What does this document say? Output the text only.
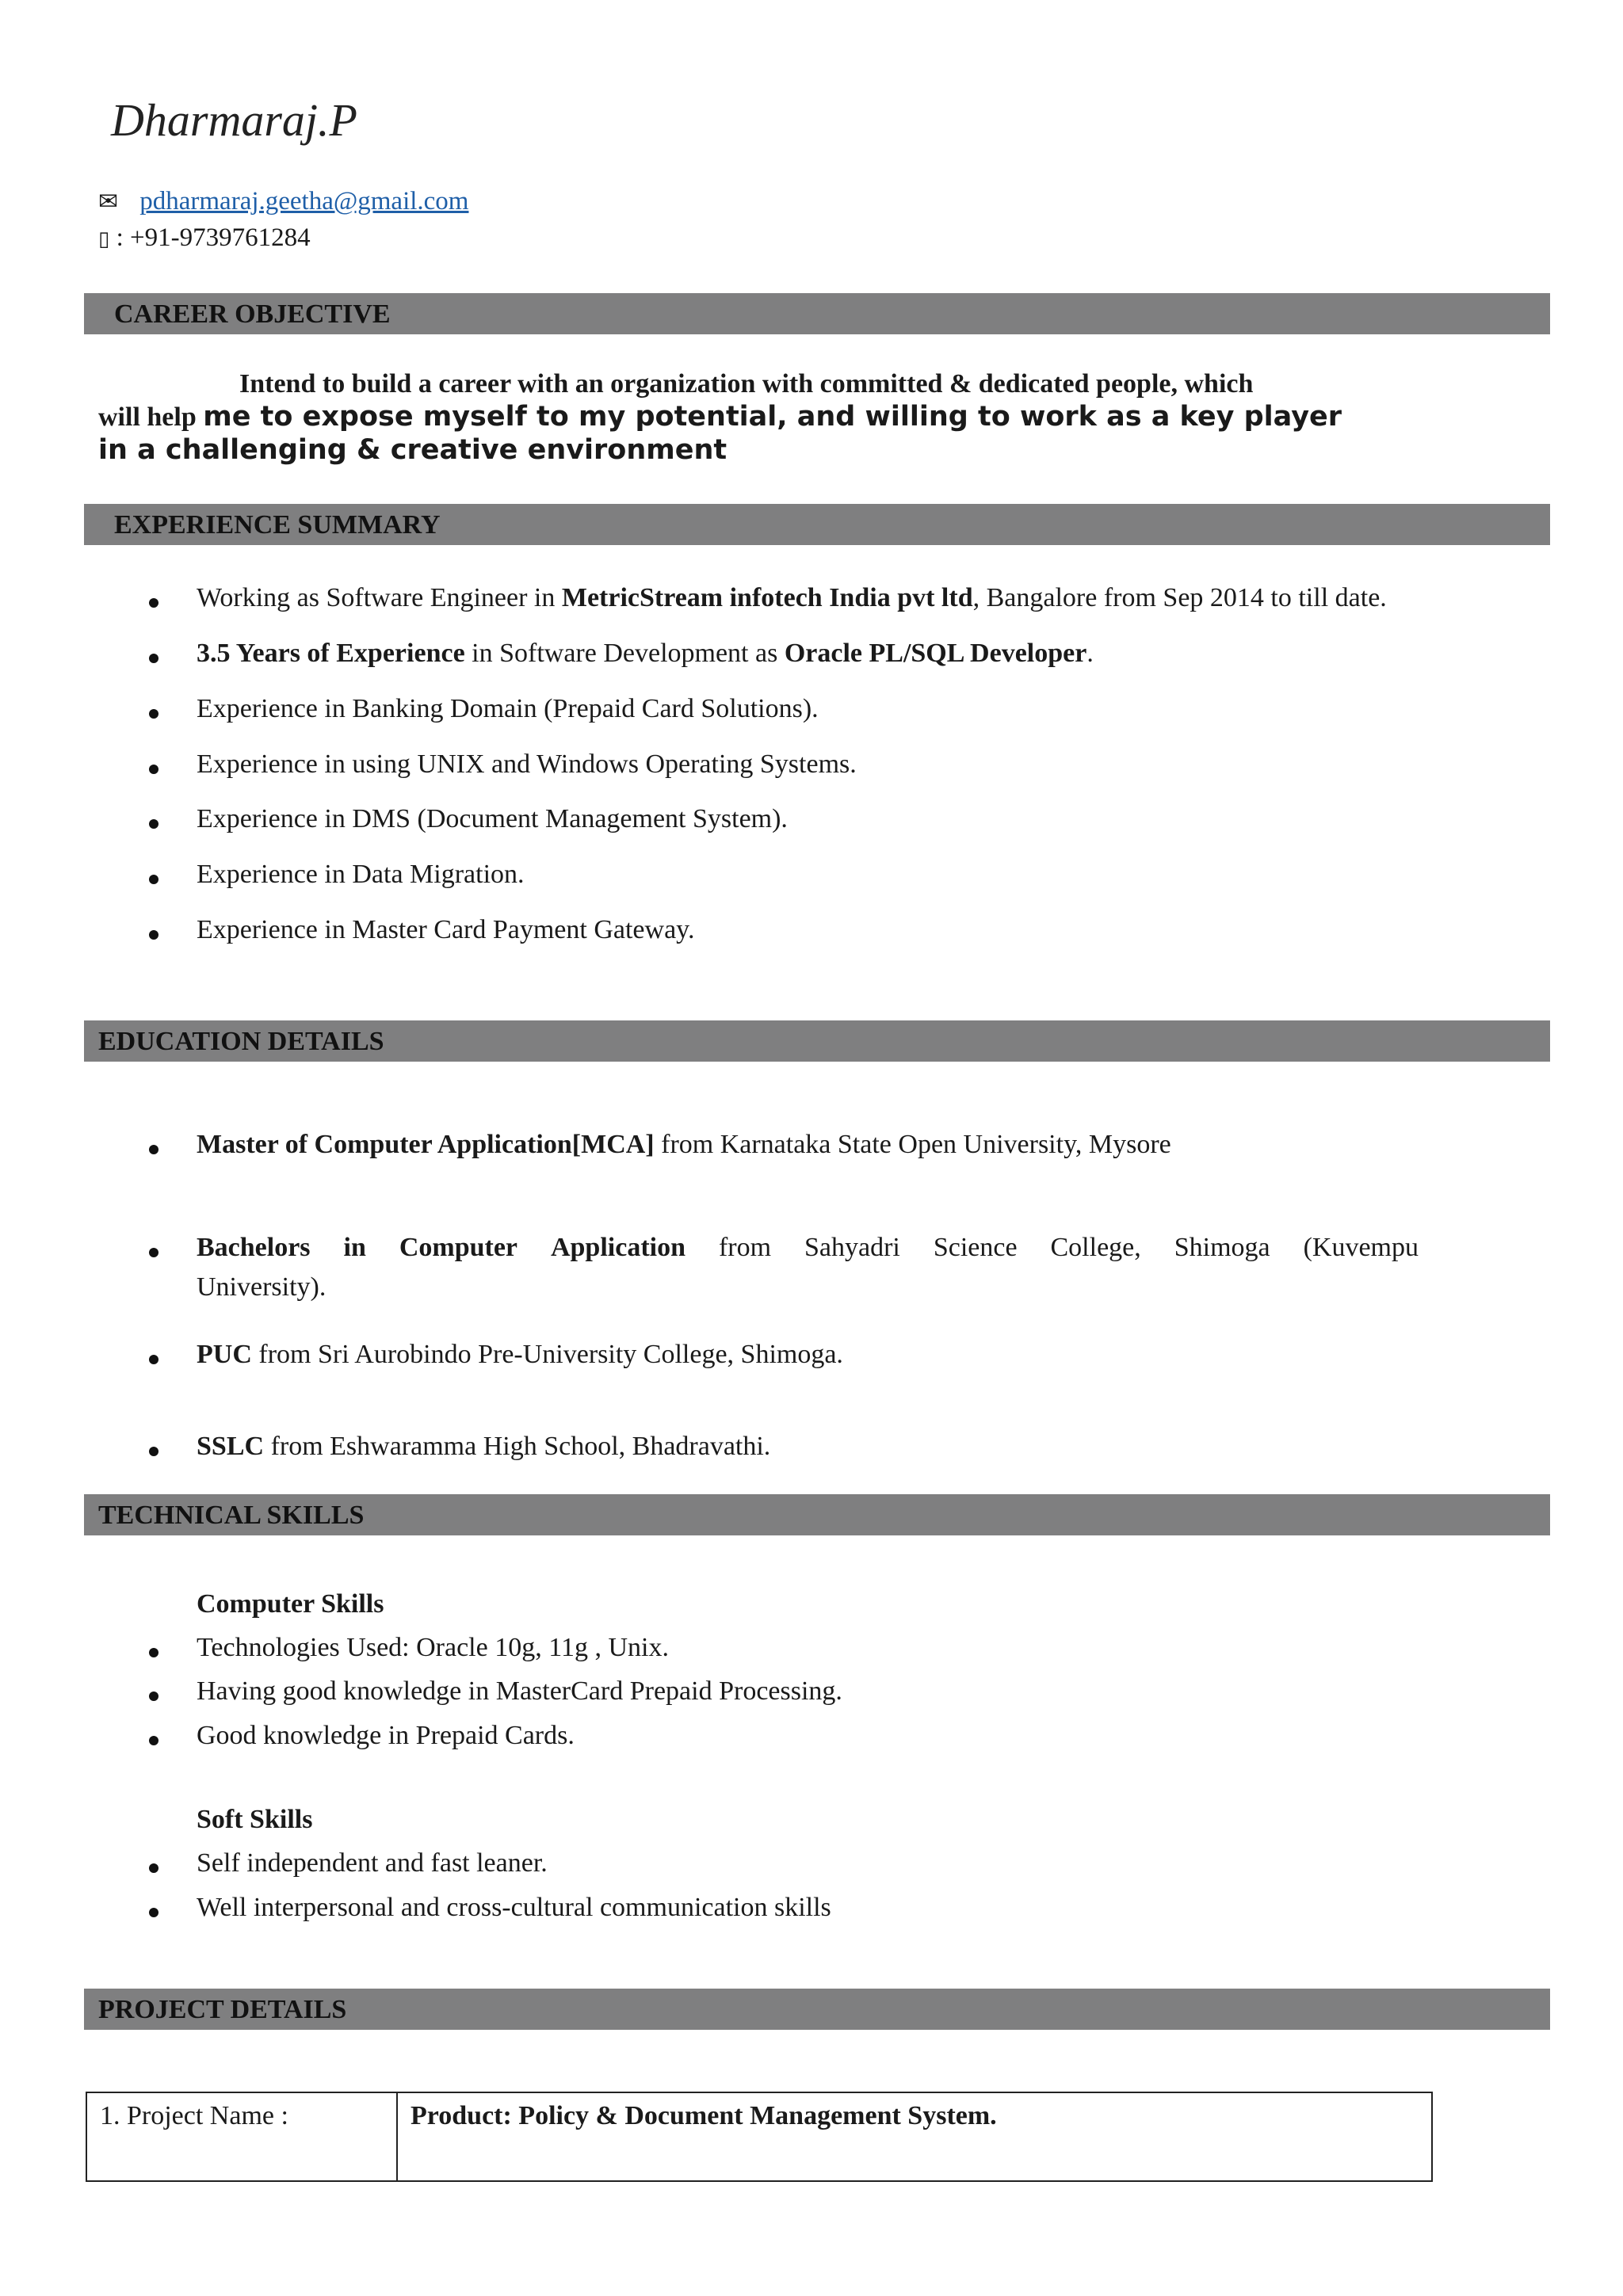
Dharmaraj.P
✉ pdharmaraj.geetha@gmail.com
▯ : +91-9739761284
CAREER OBJECTIVE
Intend to build a career with an organization with committed & dedicated people, which
will help me to expose myself to my potential, and willing to work as a key player
in a challenging & creative environment
EXPERIENCE SUMMARY
Working as Software Engineer in MetricStream infotech India pvt ltd, Bangalore from Sep 2014 to till date.
3.5 Years of Experience in Software Development as Oracle PL/SQL Developer.
Experience in Banking Domain (Prepaid Card Solutions).
Experience in using UNIX and Windows Operating Systems.
Experience in DMS (Document Management System).
Experience in Data Migration.
Experience in Master Card Payment Gateway.
EDUCATION DETAILS
Master of Computer Application[MCA] from Karnataka State Open University, Mysore
Bachelors in Computer Application from Sahyadri Science College, Shimoga (Kuvempu
University).
PUC from Sri Aurobindo Pre-University College, Shimoga.
SSLC from Eshwaramma High School, Bhadravathi.
TECHNICAL SKILLS
Computer Skills
Technologies Used: Oracle 10g, 11g , Unix.
Having good knowledge in MasterCard Prepaid Processing.
Good knowledge in Prepaid Cards.
Soft Skills
Self independent and fast leaner.
Well interpersonal and cross-cultural communication skills
PROJECT DETAILS
1. Project Name :	Product: Policy & Document Management System.
